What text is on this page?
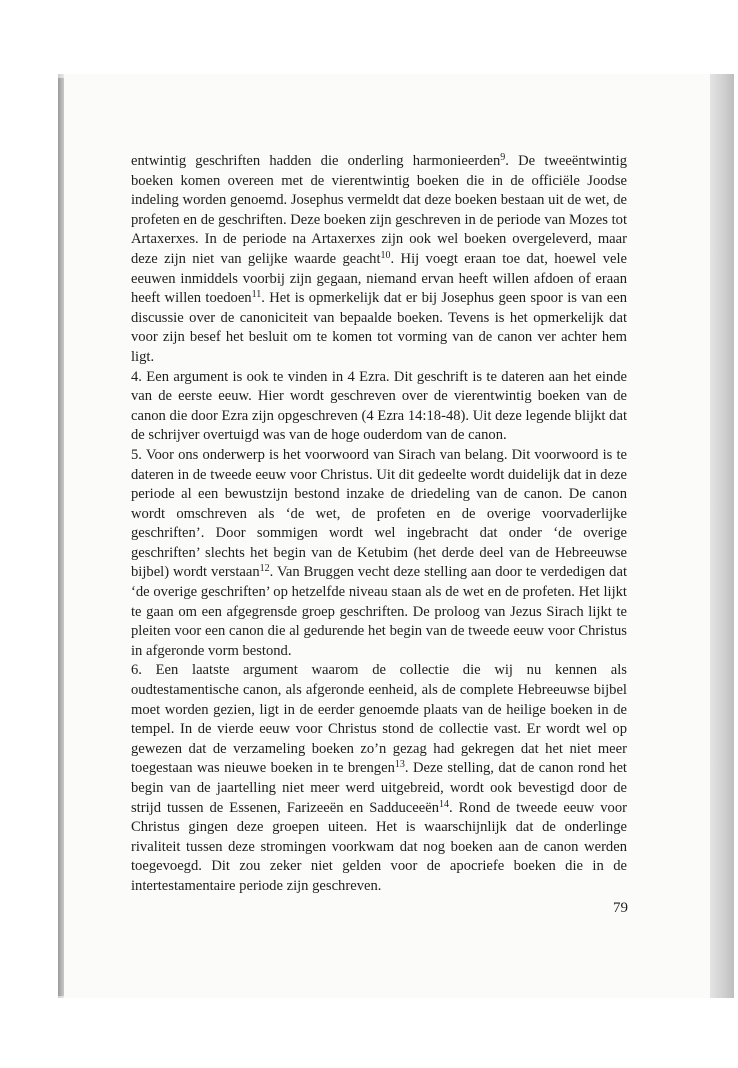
entwintig geschriften hadden die onderling harmonieerden$^9$. De tweeëntwintig boeken komen overeen met de vierentwintig boeken die in de officiële Joodse indeling worden genoemd. Josephus vermeldt dat deze boeken bestaan uit de wet, de profeten en de geschriften. Deze boeken zijn geschreven in de periode van Mozes tot Artaxerxes. In de periode na Artaxerxes zijn ook wel boeken overgeleverd, maar deze zijn niet van gelijke waarde geacht$^{10}$. Hij voegt eraan toe dat, hoewel vele eeuwen inmiddels voorbij zijn gegaan, niemand ervan heeft willen afdoen of eraan heeft willen toedoen$^{11}$. Het is opmerkelijk dat er bij Josephus geen spoor is van een discussie over de canoniciteit van bepaalde boeken. Tevens is het opmerkelijk dat voor zijn besef het besluit om te komen tot vorming van de canon ver achter hem ligt.

4. Een argument is ook te vinden in 4 Ezra. Dit geschrift is te dateren aan het einde van de eerste eeuw. Hier wordt geschreven over de vierentwintig boeken van de canon die door Ezra zijn opgeschreven (4 Ezra 14:18-48). Uit deze legende blijkt dat de schrijver overtuigd was van de hoge ouderdom van de canon.

5. Voor ons onderwerp is het voorwoord van Sirach van belang. Dit voorwoord is te dateren in de tweede eeuw voor Christus. Uit dit gedeelte wordt duidelijk dat in deze periode al een bewustzijn bestond inzake de driedeling van de canon. De canon wordt omschreven als ‘de wet, de profeten en de overige voorvaderlijke geschriften’. Door sommigen wordt wel ingebracht dat onder ‘de overige geschriften’ slechts het begin van de Ketubim (het derde deel van de Hebreeuwse bijbel) wordt verstaan$^{12}$. Van Bruggen vecht deze stelling aan door te verdedigen dat ‘de overige geschriften’ op hetzelfde niveau staan als de wet en de profeten. Het lijkt te gaan om een afgegrensde groep geschriften. De proloog van Jezus Sirach lijkt te pleiten voor een canon die al gedurende het begin van de tweede eeuw voor Christus in afgeronde vorm bestond.

6. Een laatste argument waarom de collectie die wij nu kennen als oudtestamentische canon, als afgeronde eenheid, als de complete Hebreeuwse bijbel moet worden gezien, ligt in de eerder genoemde plaats van de heilige boeken in de tempel. In de vierde eeuw voor Christus stond de collectie vast. Er wordt wel op gewezen dat de verzameling boeken zo’n gezag had gekregen dat het niet meer toegestaan was nieuwe boeken in te brengen$^{13}$. Deze stelling, dat de canon rond het begin van de jaartelling niet meer werd uitgebreid, wordt ook bevestigd door de strijd tussen de Essenen, Farizeeën en Sadduceeën$^{14}$. Rond de tweede eeuw voor Christus gingen deze groepen uiteen. Het is waarschijnlijk dat de onderlinge rivaliteit tussen deze stromingen voorkwam dat nog boeken aan de canon werden toegevoegd. Dit zou zeker niet gelden voor de apocriefe boeken die in de intertestamentaire periode zijn geschreven.

79
